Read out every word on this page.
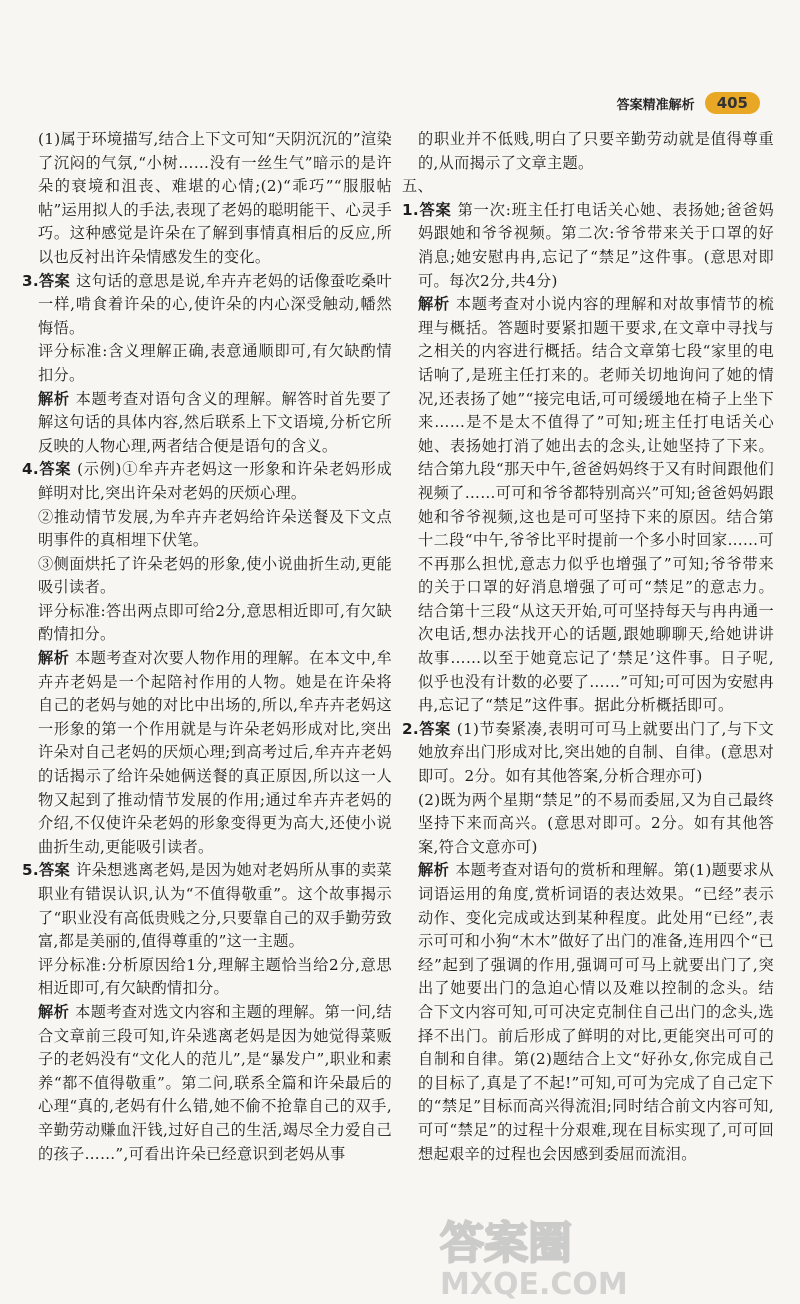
答案精准解析	405

(1)属于环境描写,结合上下文可知“天阴沉沉的”渲染了沉闷的气氛,“小树……没有一丝生气”暗示的是许朵的衰境和沮丧、难堪的心情;(2)“乖巧”“服服帖帖”运用拟人的手法,表现了老妈的聪明能干、心灵手巧。这种感觉是许朵在了解到事情真相后的反应,所以也反衬出许朵情感发生的变化。

3.答案 这句话的意思是说,牟卉卉老妈的话像蚕吃桑叶一样,啃食着许朵的心,使许朵的内心深受触动,幡然悔悟。

评分标准:含义理解正确,表意通顺即可,有欠缺酌情扣分。

解析 本题考查对语句含义的理解。解答时首先要了解这句话的具体内容,然后联系上下文语境,分析它所反映的人物心理,两者结合便是语句的含义。

4.答案 (示例)①牟卉卉老妈这一形象和许朵老妈形成鲜明对比,突出许朵对老妈的厌烦心理。

②推动情节发展,为牟卉卉老妈给许朵送餐及下文点明事件的真相埋下伏笔。

③侧面烘托了许朵老妈的形象,使小说曲折生动,更能吸引读者。

评分标准:答出两点即可给2分,意思相近即可,有欠缺酌情扣分。

解析 本题考查对次要人物作用的理解。在本文中,牟卉卉老妈是一个起陪衬作用的人物。她是在许朵将自己的老妈与她的对比中出场的,所以,牟卉卉老妈这一形象的第一个作用就是与许朵老妈形成对比,突出许朵对自己老妈的厌烦心理;到高考过后,牟卉卉老妈的话揭示了给许朵她俩送餐的真正原因,所以这一人物又起到了推动情节发展的作用;通过牟卉卉老妈的介绍,不仅使许朵老妈的形象变得更为高大,还使小说曲折生动,更能吸引读者。

5.答案 许朵想逃离老妈,是因为她对老妈所从事的卖菜职业有错误认识,认为“不值得敬重”。这个故事揭示了“职业没有高低贵贱之分,只要靠自己的双手勤劳致富,都是美丽的,值得尊重的”这一主题。

评分标准:分析原因给1分,理解主题恰当给2分,意思相近即可,有欠缺酌情扣分。

解析 本题考查对选文内容和主题的理解。第一问,结合文章前三段可知,许朵逃离老妈是因为她觉得菜贩子的老妈没有“文化人的范儿”,是“暴发户”,职业和素养“都不值得敬重”。第二问,联系全篇和许朵最后的心理“真的,老妈有什么错,她不偷不抢靠自己的双手,辛勤劳动赚血汗钱,过好自己的生活,竭尽全力爱自己的孩子……”,可看出许朵已经意识到老妈从事

的职业并不低贱,明白了只要辛勤劳动就是值得尊重的,从而揭示了文章主题。

五、

1.答案 第一次:班主任打电话关心她、表扬她;爸爸妈妈跟她和爷爷视频。第二次:爷爷带来关于口罩的好消息;她安慰冉冉,忘记了“禁足”这件事。(意思对即可。每次2分,共4分)

解析 本题考查对小说内容的理解和对故事情节的梳理与概括。答题时要紧扣题干要求,在文章中寻找与之相关的内容进行概括。结合文章第七段“家里的电话响了,是班主任打来的。老师关切地询问了她的情况,还表扬了她”“接完电话,可可缓缓地在椅子上坐下来……是不是太不值得了”可知;班主任打电话关心她、表扬她打消了她出去的念头,让她坚持了下来。结合第九段“那天中午,爸爸妈妈终于又有时间跟他们视频了……可可和爷爷都特别高兴”可知;爸爸妈妈跟她和爷爷视频,这也是可可坚持下来的原因。结合第十二段“中午,爷爷比平时提前一个多小时回家……可不再那么担忧,意志力似乎也增强了”可知;爷爷带来的关于口罩的好消息增强了可可“禁足”的意志力。结合第十三段“从这天开始,可可坚持每天与冉冉通一次电话,想办法找开心的话题,跟她聊聊天,给她讲讲故事……以至于她竟忘记了‘禁足’这件事。日子呢,似乎也没有计数的必要了……”可知;可可因为安慰冉冉,忘记了“禁足”这件事。据此分析概括即可。

2.答案 (1)节奏紧凑,表明可可马上就要出门了,与下文她放弃出门形成对比,突出她的自制、自律。(意思对即可。2分。如有其他答案,分析合理亦可)

(2)既为两个星期“禁足”的不易而委屈,又为自己最终坚持下来而高兴。(意思对即可。2分。如有其他答案,符合文意亦可)

解析 本题考查对语句的赏析和理解。第(1)题要求从词语运用的角度,赏析词语的表达效果。“已经”表示动作、变化完成或达到某种程度。此处用“已经”,表示可可和小狗“木木”做好了出门的准备,连用四个“已经”起到了强调的作用,强调可可马上就要出门了,突出了她要出门的急迫心情以及难以控制的念头。结合下文内容可知,可可决定克制住自己出门的念头,选择不出门。前后形成了鲜明的对比,更能突出可可的自制和自律。第(2)题结合上文“好孙女,你完成自己的目标了,真是了不起!”可知,可可为完成了自己定下的“禁足”目标而高兴得流泪;同时结合前文内容可知,可可“禁足”的过程十分艰难,现在目标实现了,可可回想起艰辛的过程也会因感到委屈而流泪。

答案圈
MXQE.COM
